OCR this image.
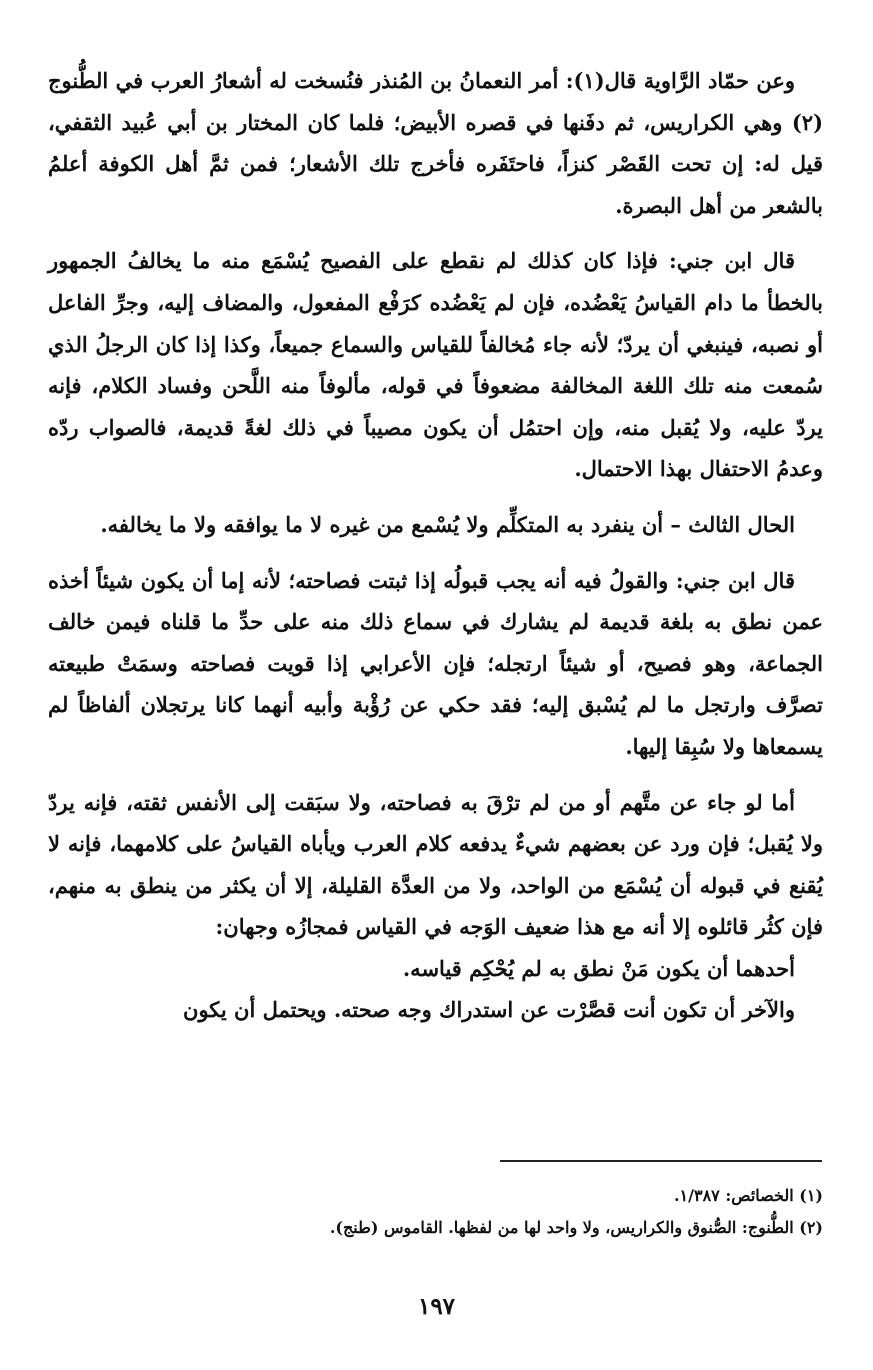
وعن حمّاد الرَّاوية قال(١): أمر النعمانُ بن المُنذر فنُسخت له أشعارُ العرب في الطُّنوج (٢) وهي الكراريس، ثم دفَنها في قصره الأبيض؛ فلما كان المختار بن أبي عُبيد الثقفي، قيل له: إن تحت القَصْر كنزاً، فاحتَفَره فأخرج تلك الأشعار؛ فمن ثمَّ أهل الكوفة أعلمُ بالشعر من أهل البصرة.

قال ابن جني: فإذا كان كذلك لم نقطع على الفصيح يُسْمَع منه ما يخالفُ الجمهور بالخطأ ما دام القياسُ يَعْضُده، فإن لم يَعْضُده كرَفْع المفعول، والمضاف إليه، وجرِّ الفاعل أو نصبه، فينبغي أن يردّ؛ لأنه جاء مُخالفاً للقياس والسماع جميعاً، وكذا إذا كان الرجلُ الذي سُمعت منه تلك اللغة المخالفة مضعوفاً في قوله، مألوفاً منه اللَّحن وفساد الكلام، فإنه يردّ عليه، ولا يُقبل منه، وإن احتمُل أن يكون مصيباً في ذلك لغةً قديمة، فالصواب ردّه وعدمُ الاحتفال بهذا الاحتمال.

الحال الثالث – أن ينفرد به المتكلِّم ولا يُسْمع من غيره لا ما يوافقه ولا ما يخالفه.

قال ابن جني: والقولُ فيه أنه يجب قبولُه إذا ثبتت فصاحته؛ لأنه إما أن يكون شيئاً أخذه عمن نطق به بلغة قديمة لم يشارك في سماع ذلك منه على حدِّ ما قلناه فيمن خالف الجماعة، وهو فصيح، أو شيئاً ارتجله؛ فإن الأعرابي إذا قويت فصاحته وسمَتْ طبيعته تصرَّف وارتجل ما لم يُسْبق إليه؛ فقد حكي عن رُؤْبة وأبيه أنهما كانا يرتجلان ألفاظاً لم يسمعاها ولا سُبِقا إليها.

أما لو جاء عن متَّهم أو من لم ترْقَ به فصاحته، ولا سبَقت إلى الأنفس ثقته، فإنه يردّ ولا يُقبل؛ فإن ورد عن بعضهم شيءٌ يدفعه كلام العرب ويأباه القياسُ على كلامهما، فإنه لا يُقنع في قبوله أن يُسْمَع من الواحد، ولا من العدَّة القليلة، إلا أن يكثر من ينطق به منهم، فإن كثُر قائلوه إلا أنه مع هذا ضعيف الوَجه في القياس فمجازُه وجهان:

أحدهما أن يكون مَنْ نطق به لم يُحْكِم قياسه.

والآخر أن تكون أنت قصَّرْت عن استدراك وجه صحته. ويحتمل أن يكون

(١) الخصائص: ١/٣٨٧.

(٢) الطُّنوج: الصُّنوق والكراريس، ولا واحد لها من لفظها. القاموس (طنج).

١٩٧
